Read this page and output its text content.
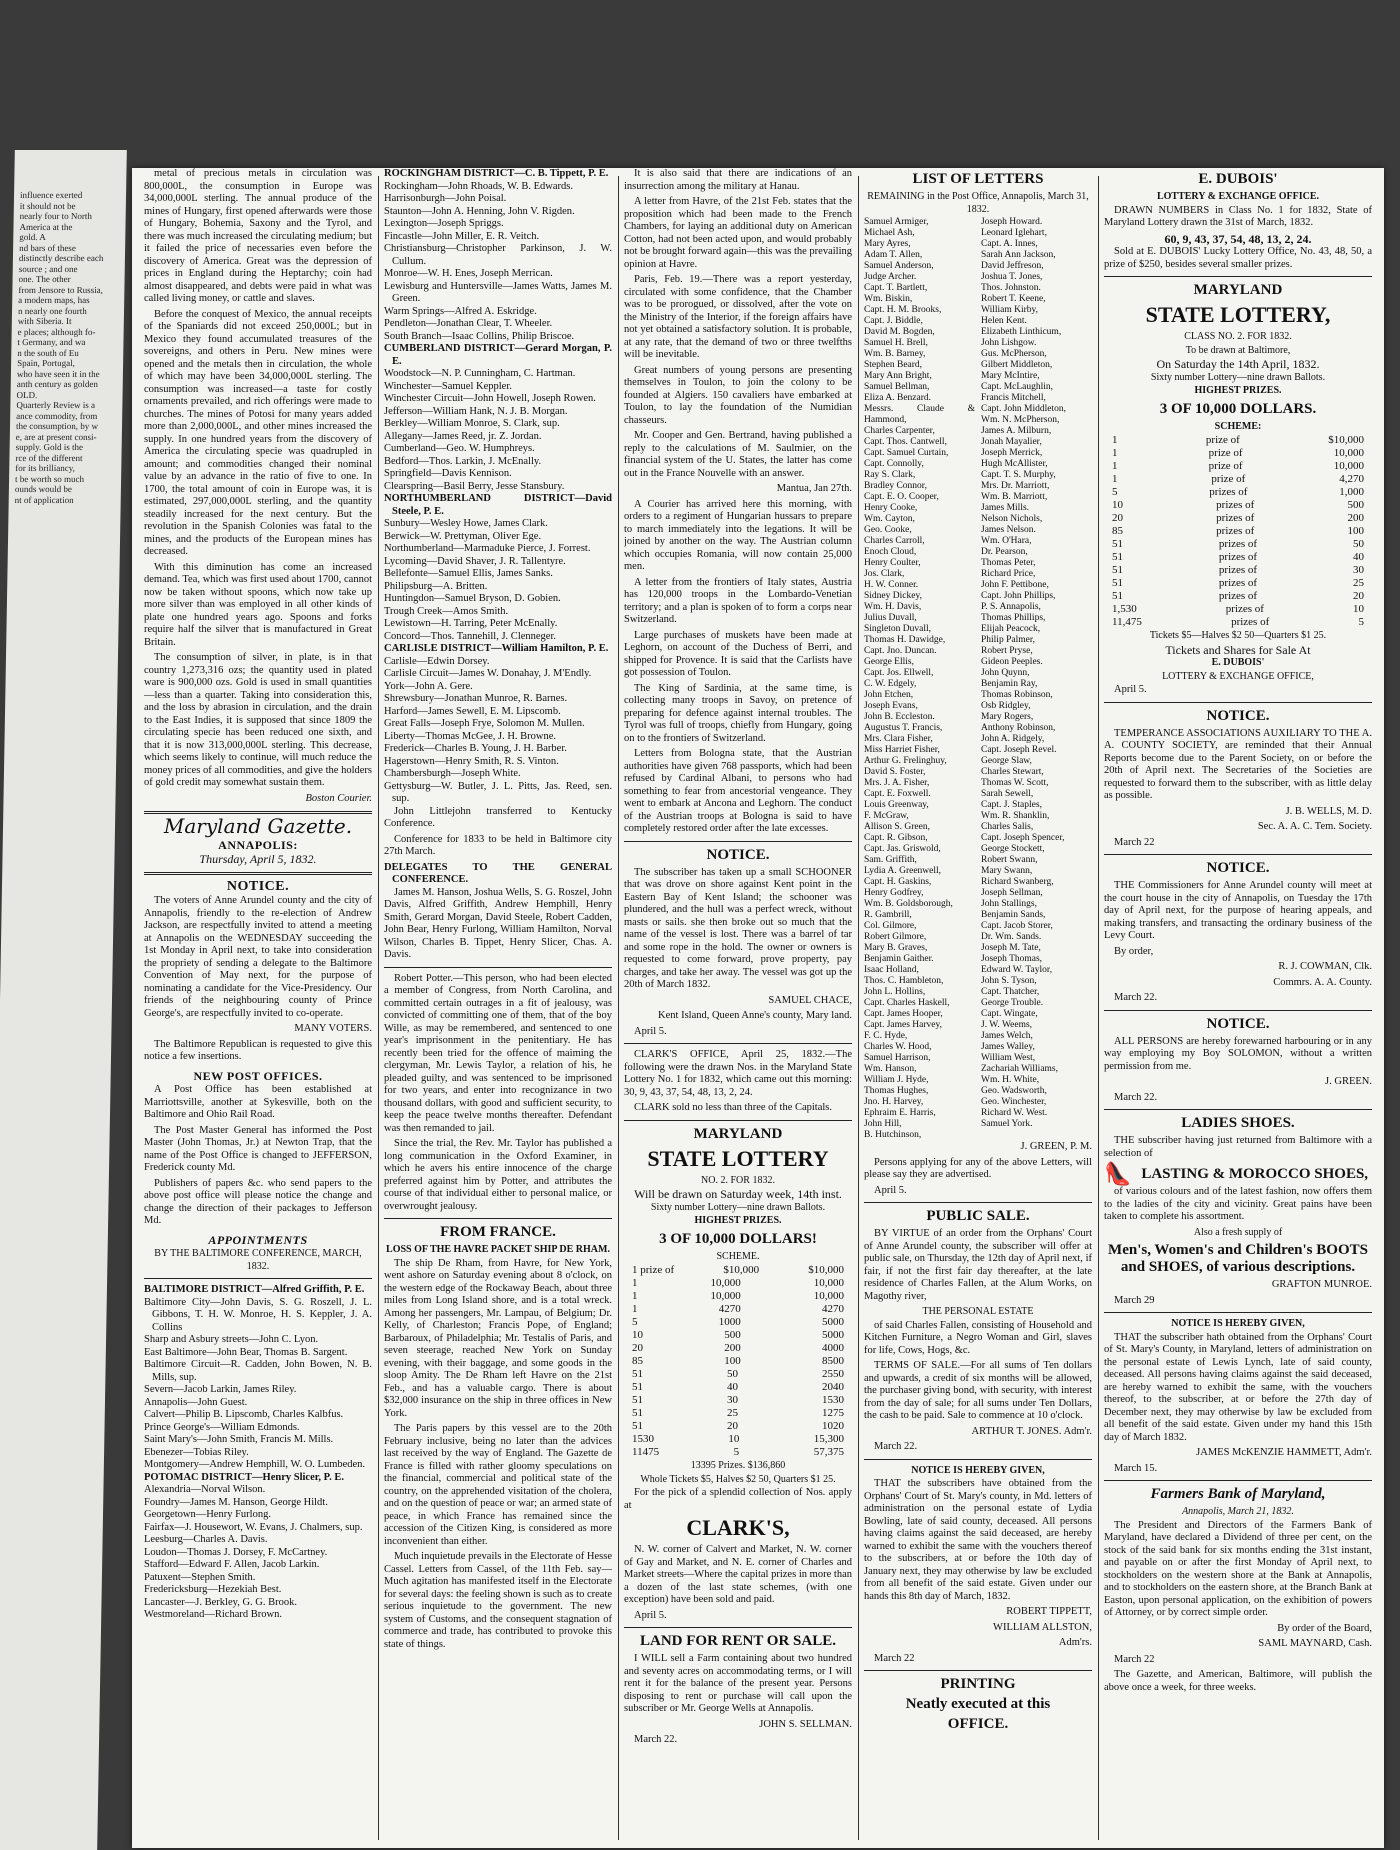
influence exerted
it should not be
nearly four to North
America at the
gold. A
nd bars of these
distinctly describe each
source ; and one
one. The other
from Jensore to Russia,
a modern maps, has
n nearly one fourth
with Siberia. It
e places; although fo-
t Germany, and wa
n the south of Eu
Spain, Portugal,
who have seen it in the
anth century as golden
OLD.
Quarterly Review is a
ance commodity, from
the consumption, by w
e, are at present consi-
supply. Gold is the
rce of the different
for its brilliancy,
t be worth so much
ounds would be
nt of application

metal of precious metals in circulation was 800,000L, the consumption in Europe was 34,000,000L sterling. The annual produce of the mines of Hungary, first opened afterwards were those of Hungary, Bohemia, Saxony and the Tyrol, and there was much increased the circulating medium; but it failed the price of necessaries even before the discovery of America. Great was the depression of prices in England during the Heptarchy; coin had almost disappeared, and debts were paid in what was called living money, or cattle and slaves.

Before the conquest of Mexico, the annual receipts of the Spaniards did not exceed 250,000L; but in Mexico they found accumulated treasures of the sovereigns, and others in Peru. New mines were opened and the metals then in circulation, the whole of which may have been 34,000,000L sterling. The consumption was increased—a taste for costly ornaments prevailed, and rich offerings were made to churches. The mines of Potosi for many years added more than 2,000,000L, and other mines increased the supply. In one hundred years from the discovery of America the circulating specie was quadrupled in amount; and commodities changed their nominal value by an advance in the ratio of five to one. In 1700, the total amount of coin in Europe was, it is estimated, 297,000,000L sterling, and the quantity steadily increased for the next century. But the revolution in the Spanish Colonies was fatal to the mines, and the products of the European mines has decreased.

With this diminution has come an increased demand. Tea, which was first used about 1700, cannot now be taken without spoons, which now take up more silver than was employed in all other kinds of plate one hundred years ago. Spoons and forks require half the silver that is manufactured in Great Britain.

The consumption of silver, in plate, is in that country 1,273,316 ozs; the quantity used in plated ware is 900,000 ozs. Gold is used in small quantities—less than a quarter. Taking into consideration this, and the loss by abrasion in circulation, and the drain to the East Indies, it is supposed that since 1809 the circulating specie has been reduced one sixth, and that it is now 313,000,000L sterling. This decrease, which seems likely to continue, will much reduce the money prices of all commodities, and give the holders of gold credit may somewhat sustain them.

Boston Courier.

Maryland Gazette.
ANNAPOLIS:
Thursday, April 5, 1832.
NOTICE.

The voters of Anne Arundel county and the city of Annapolis, friendly to the re-election of Andrew Jackson, are respectfully invited to attend a meeting at Annapolis on the WEDNESDAY succeeding the 1st Monday in April next, to take into consideration the propriety of sending a delegate to the Baltimore Convention of May next, for the purpose of nominating a candidate for the Vice-Presidency. Our friends of the neighbouring county of Prince George's, are respectfully invited to co-operate.

MANY VOTERS.

The Baltimore Republican is requested to give this notice a few insertions.

NEW POST OFFICES.

A Post Office has been established at Marriottsville, another at Sykesville, both on the Baltimore and Ohio Rail Road.

The Post Master General has informed the Post Master (John Thomas, Jr.) at Newton Trap, that the name of the Post Office is changed to JEFFERSON, Frederick county Md.

Publishers of papers &c. who send papers to the above post office will please notice the change and change the direction of their packages to Jefferson Md.

APPOINTMENTS
BY THE BALTIMORE CONFERENCE, MARCH, 1832.

BALTIMORE DISTRICT—Alfred Griffith, P. E.

Baltimore City—John Davis, S. G. Roszell, J. L. Gibbons, T. H. W. Monroe, H. S. Keppler, J. A. Collins

Sharp and Asbury streets—John C. Lyon.

East Baltimore—John Bear, Thomas B. Sargent.

Baltimore Circuit—R. Cadden, John Bowen, N. B. Mills, sup.

Severn—Jacob Larkin, James Riley.

Annapolis—John Guest.

Calvert—Philip B. Lipscomb, Charles Kalbfus.

Prince George's—William Edmonds.

Saint Mary's—John Smith, Francis M. Mills.

Ebenezer—Tobias Riley.

Montgomery—Andrew Hemphill, W. O. Lumbeden.

POTOMAC DISTRICT—Henry Slicer, P. E.

Alexandria—Norval Wilson.

Foundry—James M. Hanson, George Hildt.

Georgetown—Henry Furlong.

Fairfax—J. Housewort, W. Evans, J. Chalmers, sup.

Leesburg—Charles A. Davis.

Loudon—Thomas J. Dorsey, F. McCartney.

Stafford—Edward F. Allen, Jacob Larkin.

Patuxent—Stephen Smith.

Fredericksburg—Hezekiah Best.

Lancaster—J. Berkley, G. G. Brook.

Westmoreland—Richard Brown.

ROCKINGHAM DISTRICT—C. B. Tippett, P. E.

Rockingham—John Rhoads, W. B. Edwards.

Harrisonburgh—John Poisal.

Staunton—John A. Henning, John V. Rigden.

Lexington—Joseph Spriggs.

Fincastle—John Miller, E. R. Veitch.

Christiansburg—Christopher Parkinson, J. W. Cullum.

Monroe—W. H. Enes, Joseph Merrican.

Lewisburg and Huntersville—James Watts, James M. Green.

Warm Springs—Alfred A. Eskridge.

Pendleton—Jonathan Clear, T. Wheeler.

South Branch—Isaac Collins, Philip Briscoe.

CUMBERLAND DISTRICT—Gerard Morgan, P. E.

Woodstock—N. P. Cunningham, C. Hartman.

Winchester—Samuel Keppler.

Winchester Circuit—John Howell, Joseph Rowen.

Jefferson—William Hank, N. J. B. Morgan.

Berkley—William Monroe, S. Clark, sup.

Allegany—James Reed, jr. Z. Jordan.

Cumberland—Geo. W. Humphreys.

Bedford—Thos. Larkin, J. McEnally.

Springfield—Davis Kennison.

Clearspring—Basil Berry, Jesse Stansbury.

NORTHUMBERLAND DISTRICT—David Steele, P. E.

Sunbury—Wesley Howe, James Clark.

Berwick—W. Prettyman, Oliver Ege.

Northumberland—Marmaduke Pierce, J. Forrest.

Lycoming—David Shaver, J. R. Tallentyre.

Bellefonte—Samuel Ellis, James Sanks.

Philipsburg—A. Britten.

Huntingdon—Samuel Bryson, D. Gobien.

Trough Creek—Amos Smith.

Lewistown—H. Tarring, Peter McEnally.

Concord—Thos. Tannehill, J. Clenneger.

CARLISLE DISTRICT—William Hamilton, P. E.

Carlisle—Edwin Dorsey.

Carlisle Circuit—James W. Donahay, J. M'Endly.

York—John A. Gere.

Shrewsbury—Jonathan Munroe, R. Barnes.

Harford—James Sewell, E. M. Lipscomb.

Great Falls—Joseph Frye, Solomon M. Mullen.

Liberty—Thomas McGee, J. H. Browne.

Frederick—Charles B. Young, J. H. Barber.

Hagerstown—Henry Smith, R. S. Vinton.

Chambersburgh—Joseph White.

Gettysburg—W. Butler, J. L. Pitts, Jas. Reed, sen. sup.

John Littlejohn transferred to Kentucky Conference.

Conference for 1833 to be held in Baltimore city 27th March.

DELEGATES TO THE GENERAL CONFERENCE.

James M. Hanson, Joshua Wells, S. G. Roszel, John Davis, Alfred Griffith, Andrew Hemphill, Henry Smith, Gerard Morgan, David Steele, Robert Cadden, John Bear, Henry Furlong, William Hamilton, Norval Wilson, Charles B. Tippet, Henry Slicer, Chas. A. Davis.

Robert Potter.—This person, who had been elected a member of Congress, from North Carolina, and committed certain outrages in a fit of jealousy, was convicted of committing one of them, that of the boy Wille, as may be remembered, and sentenced to one year's imprisonment in the penitentiary. He has recently been tried for the offence of maiming the clergyman, Mr. Lewis Taylor, a relation of his, he pleaded guilty, and was sentenced to be imprisoned for two years, and enter into recognizance in two thousand dollars, with good and sufficient security, to keep the peace twelve months thereafter. Defendant was then remanded to jail.

Since the trial, the Rev. Mr. Taylor has published a long communication in the Oxford Examiner, in which he avers his entire innocence of the charge preferred against him by Potter, and attributes the course of that individual either to personal malice, or overwrought jealousy.

FROM FRANCE.
LOSS OF THE HAVRE PACKET SHIP DE RHAM.

The ship De Rham, from Havre, for New York, went ashore on Saturday evening about 8 o'clock, on the western edge of the Rockaway Beach, about three miles from Long Island shore, and is a total wreck. Among her passengers, Mr. Lampau, of Belgium; Dr. Kelly, of Charleston; Francis Pope, of England; Barbaroux, of Philadelphia; Mr. Testalis of Paris, and seven steerage, reached New York on Sunday evening, with their baggage, and some goods in the sloop Amity. The De Rham left Havre on the 21st Feb., and has a valuable cargo. There is about $32,000 insurance on the ship in three offices in New York.

The Paris papers by this vessel are to the 20th February inclusive, being no later than the advices last received by the way of England. The Gazette de France is filled with rather gloomy speculations on the financial, commercial and political state of the country, on the apprehended visitation of the cholera, and on the question of peace or war; an armed state of peace, in which France has remained since the accession of the Citizen King, is considered as more inconvenient than either.

Much inquietude prevails in the Electorate of Hesse Cassel. Letters from Cassel, of the 11th Feb. say—Much agitation has manifested itself in the Electorate for several days: the feeling shown is such as to create serious inquietude to the government. The new system of Customs, and the consequent stagnation of commerce and trade, has contributed to provoke this state of things.

It is also said that there are indications of an insurrection among the military at Hanau.

A letter from Havre, of the 21st Feb. states that the proposition which had been made to the French Chambers, for laying an additional duty on American Cotton, had not been acted upon, and would probably not be brought forward again—this was the prevailing opinion at Havre.

Paris, Feb. 19.—There was a report yesterday, circulated with some confidence, that the Chamber was to be prorogued, or dissolved, after the vote on the Ministry of the Interior, if the foreign affairs have not yet obtained a satisfactory solution. It is probable, at any rate, that the demand of two or three twelfths will be inevitable.

Great numbers of young persons are presenting themselves in Toulon, to join the colony to be founded at Algiers. 150 cavaliers have embarked at Toulon, to lay the foundation of the Numidian chasseurs.

Mr. Cooper and Gen. Bertrand, having published a reply to the calculations of M. Saulmier, on the financial system of the U. States, the latter has come out in the France Nouvelle with an answer.

Mantua, Jan 27th.

A Courier has arrived here this morning, with orders to a regiment of Hungarian hussars to prepare to march immediately into the legations. It will be joined by another on the way. The Austrian column which occupies Romania, will now contain 25,000 men.

A letter from the frontiers of Italy states, Austria has 120,000 troops in the Lombardo-Venetian territory; and a plan is spoken of to form a corps near Switzerland.

Large purchases of muskets have been made at Leghorn, on account of the Duchess of Berri, and shipped for Provence. It is said that the Carlists have got possession of Toulon.

The King of Sardinia, at the same time, is collecting many troops in Savoy, on pretence of preparing for defence against internal troubles. The Tyrol was full of troops, chiefly from Hungary, going on to the frontiers of Switzerland.

Letters from Bologna state, that the Austrian authorities have given 768 passports, which had been refused by Cardinal Albani, to persons who had something to fear from ancestorial vengeance. They went to embark at Ancona and Leghorn. The conduct of the Austrian troops at Bologna is said to have completely restored order after the late excesses.

NOTICE.

The subscriber has taken up a small SCHOONER that was drove on shore against Kent point in the Eastern Bay of Kent Island; the schooner was plundered, and the hull was a perfect wreck, without masts or sails. she then broke out so much that the name of the vessel is lost. There was a barrel of tar and some rope in the hold. The owner or owners is requested to come forward, prove property, pay charges, and take her away. The vessel was got up the 20th of March 1832.

SAMUEL CHACE,

Kent Island, Queen Anne's county, Mary land.

April 5.

CLARK'S OFFICE, April 25, 1832.—The following were the drawn Nos. in the Maryland State Lottery No. 1 for 1832, which came out this morning: 30, 9, 43, 37, 54, 48, 13, 2, 24.

CLARK sold no less than three of the Capitals.

MARYLAND
STATE LOTTERY
NO. 2. FOR 1832.
Will be drawn on Saturday week, 14th inst.
Sixty number Lottery—nine drawn Ballots.
HIGHEST PRIZES.
3 OF 10,000 DOLLARS!
SCHEME.
1 prize of	$10,000	$10,000
1	10,000	10,000
1	10,000	10,000
1	4270	4270
5	1000	5000
10	500	5000
20	200	4000
85	100	8500
51	50	2550
51	40	2040
51	30	1530
51	25	1275
51	20	1020
1530	10	15,300
11475	5	57,375
13395 Prizes. $136,860
Whole Tickets $5, Halves $2 50, Quarters $1 25.

For the pick of a splendid collection of Nos. apply at

CLARK'S,

N. W. corner of Calvert and Market, N. W. corner of Gay and Market, and N. E. corner of Charles and Market streets—Where the capital prizes in more than a dozen of the last state schemes, (with one exception) have been sold and paid.

April 5.

LAND FOR RENT OR SALE.

I WILL sell a Farm containing about two hundred and seventy acres on accommodating terms, or I will rent it for the balance of the present year. Persons disposing to rent or purchase will call upon the subscriber or Mr. George Wells at Annapolis.

JOHN S. SELLMAN.

March 22.

LIST OF LETTERS
REMAINING in the Post Office, Annapolis, March 31, 1832.
Samuel Armiger,
Michael Ash,
Mary Ayres,
Adam T. Allen,
Samuel Anderson,
Judge Archer.
Capt. T. Bartlett,
Wm. Biskin,
Capt. H. M. Brooks,
Capt. J. Biddle,
David M. Bogden,
Samuel H. Brell,
Wm. B. Barney,
Stephen Beard,
Mary Ann Bright,
Samuel Bellman,
Eliza A. Benzard.
Messrs. Claude & Hammond,
Charles Carpenter,
Capt. Thos. Cantwell,
Capt. Samuel Curtain,
Capt. Connolly,
Ray S. Clark,
Bradley Connor,
Capt. E. O. Cooper,
Henry Cooke,
Wm. Cayton,
Geo. Cooke,
Charles Carroll,
Enoch Cloud,
Henry Coulter,
Jos. Clark,
H. W. Conner.
Sidney Dickey,
Wm. H. Davis,
Julius Duvall,
Singleton Duvall,
Thomas H. Dawidge,
Capt. Jno. Duncan.
George Ellis,
Capt. Jos. Ellwell,
C. W. Edgely,
John Etchen,
Joseph Evans,
John B. Eccleston.
Augustus T. Francis,
Mrs. Clara Fisher,
Miss Harriet Fisher,
Arthur G. Frelinghuy,
David S. Foster,
Mrs. J. A. Fisher,
Capt. E. Foxwell.
Louis Greenway,
F. McGraw,
Allison S. Green,
Capt. R. Gibson,
Capt. Jas. Griswold,
Sam. Griffith,
Lydia A. Greenwell,
Capt. H. Gaskins,
Henry Godfrey,
Wm. B. Goldsborough,
R. Gambrill,
Col. Gilmore,
Robert Gilmore,
Mary B. Graves,
Benjamin Gaither.
Isaac Holland,
Thos. C. Hambleton,
John L. Hollins,
Capt. Charles Haskell,
Capt. James Hooper,
Capt. James Harvey,
F. C. Hyde,
Charles W. Hood,
Samuel Harrison,
Wm. Hanson,
William J. Hyde,
Thomas Hughes,
Jno. H. Harvey,
Ephraim E. Harris,
John Hill,
B. Hutchinson,
Joseph Howard.
Leonard Iglehart,
Capt. A. Innes,
Sarah Ann Jackson,
David Jeffreson,
Joshua T. Jones,
Thos. Johnston.
Robert T. Keene,
William Kirby,
Helen Kent.
Elizabeth Linthicum,
John Lishgow.
Gus. McPherson,
Gilbert Middleton,
Mary McIntire,
Capt. McLaughlin,
Francis Mitchell,
Capt. John Middleton,
Wm. N. McPherson,
James A. Milburn,
Jonah Mayalier,
Joseph Merrick,
Hugh McAllister,
Capt. T. S. Murphy,
Mrs. Dr. Marriott,
Wm. B. Marriott,
James Mills.
Nelson Nichols,
James Nelson.
Wm. O'Hara,
Dr. Pearson,
Thomas Peter,
Richard Price,
John F. Pettibone,
Capt. John Phillips,
P. S. Annapolis,
Thomas Phillips,
Elijah Peacock,
Philip Palmer,
Robert Pryse,
Gideon Peeples.
John Quynn,
Benjamin Ray,
Thomas Robinson,
Osb Ridgley,
Mary Rogers,
Anthony Robinson,
John A. Ridgely,
Capt. Joseph Revel.
George Slaw,
Charles Stewart,
Thomas W. Scott,
Sarah Sewell,
Capt. J. Staples,
Wm. R. Shanklin,
Charles Salis,
Capt. Joseph Spencer,
George Stockett,
Robert Swann,
Mary Swann,
Richard Swanberg,
Joseph Sellman,
John Stallings,
Benjamin Sands,
Capt. Jacob Storer,
Dr. Wm. Sands.
Joseph M. Tate,
Joseph Thomas,
Edward W. Taylor,
John S. Tyson,
Capt. Thatcher,
George Trouble.
Capt. Wingate,
J. W. Weems,
James Welch,
James Walley,
William West,
Zachariah Williams,
Wm. H. White,
Geo. Wadsworth,
Geo. Winchester,
Richard W. West.
Samuel York.

J. GREEN, P. M.

Persons applying for any of the above Letters, will please say they are advertised.

April 5.

PUBLIC SALE.

BY VIRTUE of an order from the Orphans' Court of Anne Arundel county, the subscriber will offer at public sale, on Thursday, the 12th day of April next, if fair, if not the first fair day thereafter, at the late residence of Charles Fallen, at the Alum Works, on Magothy river,

THE PERSONAL ESTATE

of said Charles Fallen, consisting of Household and Kitchen Furniture, a Negro Woman and Girl, slaves for life, Cows, Hogs, &c.

TERMS OF SALE.—For all sums of Ten dollars and upwards, a credit of six months will be allowed, the purchaser giving bond, with security, with interest from the day of sale; for all sums under Ten Dollars, the cash to be paid. Sale to commence at 10 o'clock.

ARTHUR T. JONES. Adm'r.

March 22.

NOTICE IS HEREBY GIVEN,

THAT the subscribers have obtained from the Orphans' Court of St. Mary's county, in Md. letters of administration on the personal estate of Lydia Bowling, late of said county, deceased. All persons having claims against the said deceased, are hereby warned to exhibit the same with the vouchers thereof to the subscribers, at or before the 10th day of January next, they may otherwise by law be excluded from all benefit of the said estate. Given under our hands this 8th day of March, 1832.

ROBERT TIPPETT,

WILLIAM ALLSTON,

Adm'rs.

March 22

PRINTING
Neatly executed at this
OFFICE.
E. DUBOIS'
LOTTERY & EXCHANGE OFFICE.

DRAWN NUMBERS in Class No. 1 for 1832, State of Maryland Lottery drawn the 31st of March, 1832.

60, 9, 43, 37, 54, 48, 13, 2, 24.

Sold at E. DUBOIS' Lucky Lottery Office, No. 43, 48, 50, a prize of $250, besides several smaller prizes.

MARYLAND
STATE LOTTERY,
CLASS NO. 2. FOR 1832.
To be drawn at Baltimore,
On Saturday the 14th April, 1832.
Sixty number Lottery—nine drawn Ballots.
HIGHEST PRIZES.
3 OF 10,000 DOLLARS.
SCHEME:
1	prize of	$10,000
1	prize of	10,000
1	prize of	10,000
1	prize of	4,270
5	prizes of	1,000
10	prizes of	500
20	prizes of	200
85	prizes of	100
51	prizes of	50
51	prizes of	40
51	prizes of	30
51	prizes of	25
51	prizes of	20
1,530	prizes of	10
11,475	prizes of	5
Tickets $5—Halves $2 50—Quarters $1 25.
Tickets and Shares for Sale At
E. DUBOIS'
LOTTERY & EXCHANGE OFFICE,

April 5.

NOTICE.

TEMPERANCE ASSOCIATIONS AUXILIARY TO THE A. A. COUNTY SOCIETY, are reminded that their Annual Reports become due to the Parent Society, on or before the 20th of April next. The Secretaries of the Societies are requested to forward them to the subscriber, with as little delay as possible.

J. B. WELLS, M. D.

Sec. A. A. C. Tem. Society.

March 22

NOTICE.

THE Commissioners for Anne Arundel county will meet at the court house in the city of Annapolis, on Tuesday the 17th day of April next, for the purpose of hearing appeals, and making transfers, and transacting the ordinary business of the Levy Court.

By order,

R. J. COWMAN, Clk.

Commrs. A. A. County.

March 22.

NOTICE.

ALL PERSONS are hereby forewarned harbouring or in any way employing my Boy SOLOMON, without a written permission from me.

J. GREEN.

March 22.

LADIES SHOES.

THE subscriber having just returned from Baltimore with a selection of

👠 LASTING & MOROCCO SHOES,

of various colours and of the latest fashion, now offers them to the ladies of the city and vicinity. Great pains have been taken to complete his assortment.

Also a fresh supply of
Men's, Women's and Children's BOOTS and SHOES, of various descriptions.

GRAFTON MUNROE.

March 29

NOTICE IS HEREBY GIVEN,

THAT the subscriber hath obtained from the Orphans' Court of St. Mary's County, in Maryland, letters of administration on the personal estate of Lewis Lynch, late of said county, deceased. All persons having claims against the said deceased, are hereby warned to exhibit the same, with the vouchers thereof, to the subscriber, at or before the 27th day of December next, they may otherwise by law be excluded from all benefit of the said estate. Given under my hand this 15th day of March 1832.

JAMES McKENZIE HAMMETT, Adm'r.

March 15.

Farmers Bank of Maryland,
Annapolis, March 21, 1832.

The President and Directors of the Farmers Bank of Maryland, have declared a Dividend of three per cent, on the stock of the said bank for six months ending the 31st instant, and payable on or after the first Monday of April next, to stockholders on the western shore at the Bank at Annapolis, and to stockholders on the eastern shore, at the Branch Bank at Easton, upon personal application, on the exhibition of powers of Attorney, or by correct simple order.

By order of the Board,

SAML MAYNARD, Cash.

March 22

The Gazette, and American, Baltimore, will publish the above once a week, for three weeks.
